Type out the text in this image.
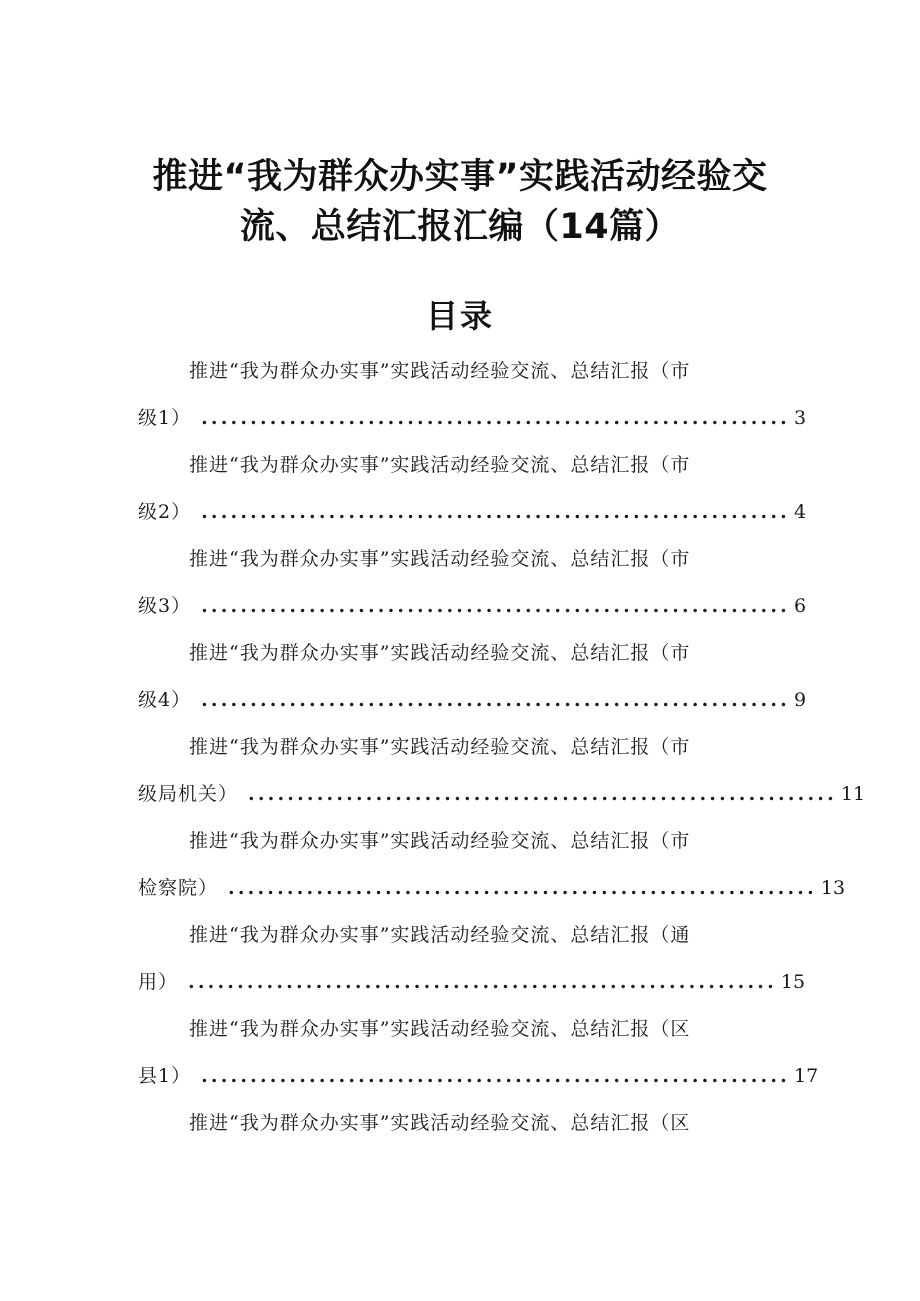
推进“我为群众办实事”实践活动经验交
流、总结汇报汇编（14篇）
目录
推进“我为群众办实事”实践活动经验交流、总结汇报（市
级1） ............................................................ 3
推进“我为群众办实事”实践活动经验交流、总结汇报（市
级2） ............................................................ 4
推进“我为群众办实事”实践活动经验交流、总结汇报（市
级3） ............................................................ 6
推进“我为群众办实事”实践活动经验交流、总结汇报（市
级4） ............................................................ 9
推进“我为群众办实事”实践活动经验交流、总结汇报（市
级局机关） ............................................................ 11
推进“我为群众办实事”实践活动经验交流、总结汇报（市
检察院） ............................................................ 13
推进“我为群众办实事”实践活动经验交流、总结汇报（通
用） ............................................................ 15
推进“我为群众办实事”实践活动经验交流、总结汇报（区
县1） ............................................................ 17
推进“我为群众办实事”实践活动经验交流、总结汇报（区
